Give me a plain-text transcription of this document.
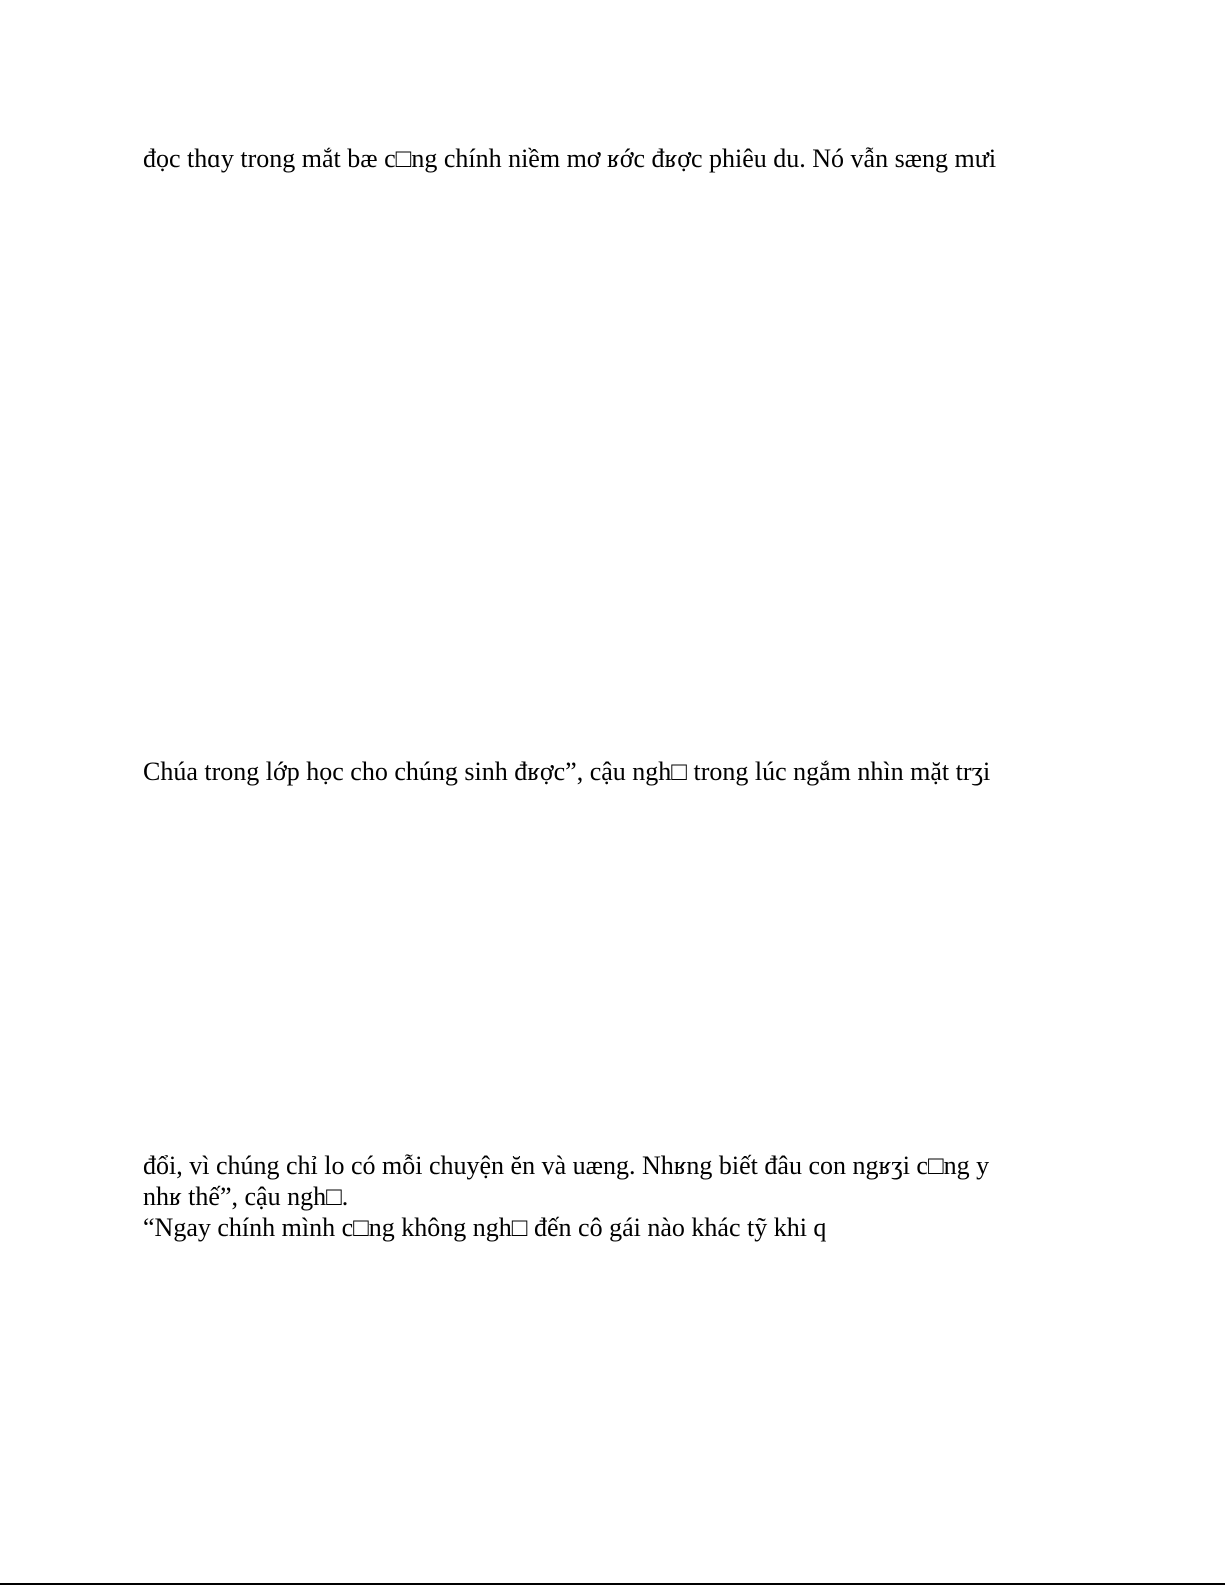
đọc thɑy trong mắt bæ c□ng chính niềm mơ ʁớc đʁợc phiêu du. Nó vẫn sæng mưi

Chúa trong lớp học cho chúng sinh đʁợc”, cậu ngh□ trong lúc ngắm nhìn mặt trʒi

đổi, vì chúng chỉ lo có mỗi chuyện ĕn và uæng. Nhʁng biết đâu con ngʁʒi c□ng y

nhʁ thế”, cậu ngh□.

“Ngay chính mình c□ng không ngh□ đến cô gái nào khác tỹ khi q
